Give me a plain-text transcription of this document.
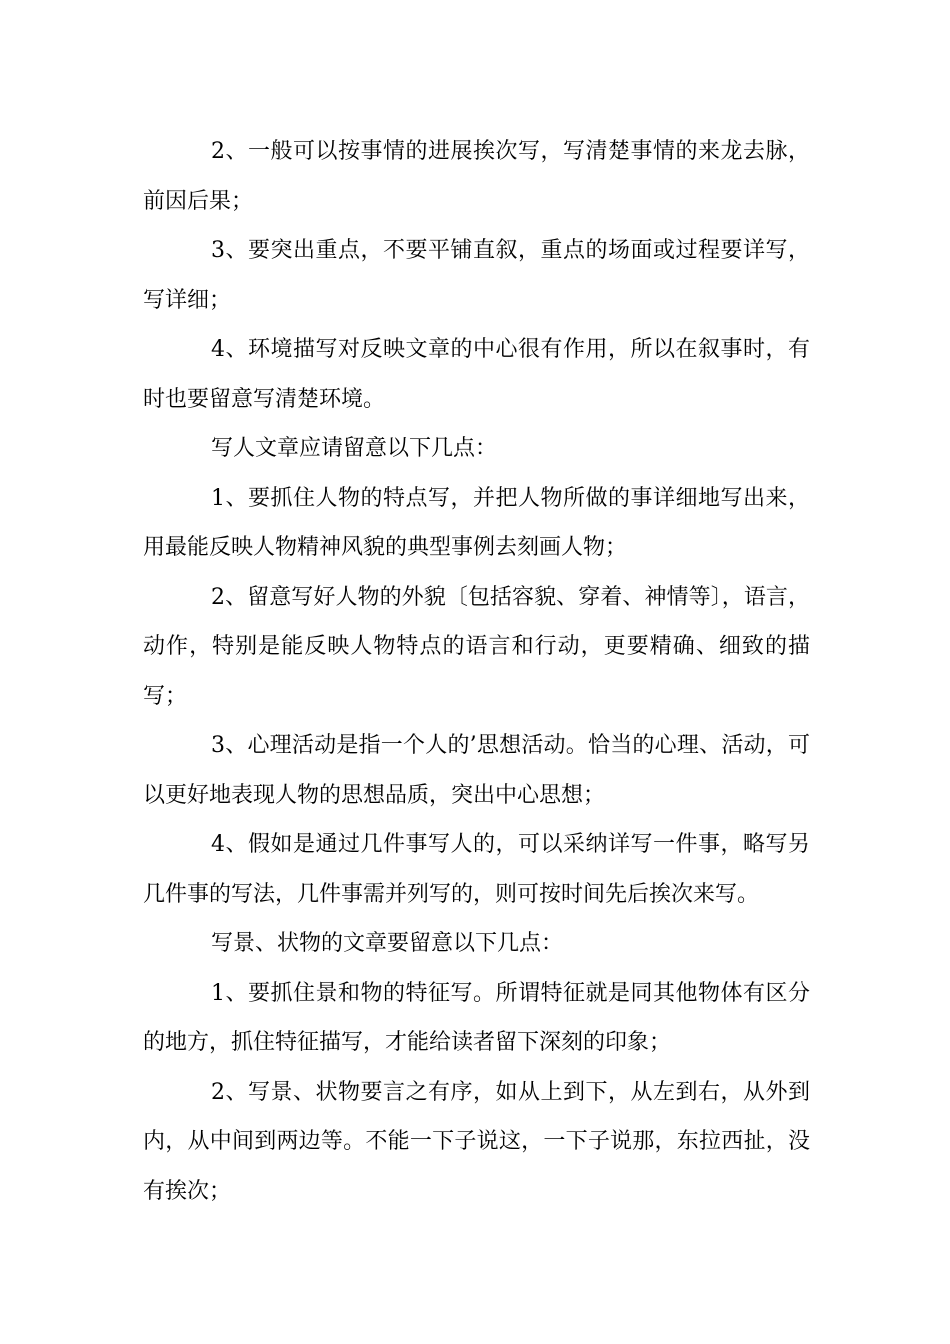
2、一般可以按事情的进展挨次写，写清楚事情的来龙去脉，前因后果；

3、要突出重点，不要平铺直叙，重点的场面或过程要详写，写详细；

4、环境描写对反映文章的中心很有作用，所以在叙事时，有时也要留意写清楚环境。

写人文章应请留意以下几点：

1、要抓住人物的特点写，并把人物所做的事详细地写出来，用最能反映人物精神风貌的典型事例去刻画人物；

2、留意写好人物的外貌〔包括容貌、穿着、神情等〕，语言，动作，特别是能反映人物特点的语言和行动，更要精确、细致的描写；

3、心理活动是指一个人的’思想活动。恰当的心理、活动，可以更好地表现人物的思想品质，突出中心思想；

4、假如是通过几件事写人的，可以采纳详写一件事，略写另几件事的写法，几件事需并列写的，则可按时间先后挨次来写。

写景、状物的文章要留意以下几点：

1、要抓住景和物的特征写。所谓特征就是同其他物体有区分的地方，抓住特征描写，才能给读者留下深刻的印象；

2、写景、状物要言之有序，如从上到下，从左到右，从外到内，从中间到两边等。不能一下子说这，一下子说那，东拉西扯，没有挨次；
